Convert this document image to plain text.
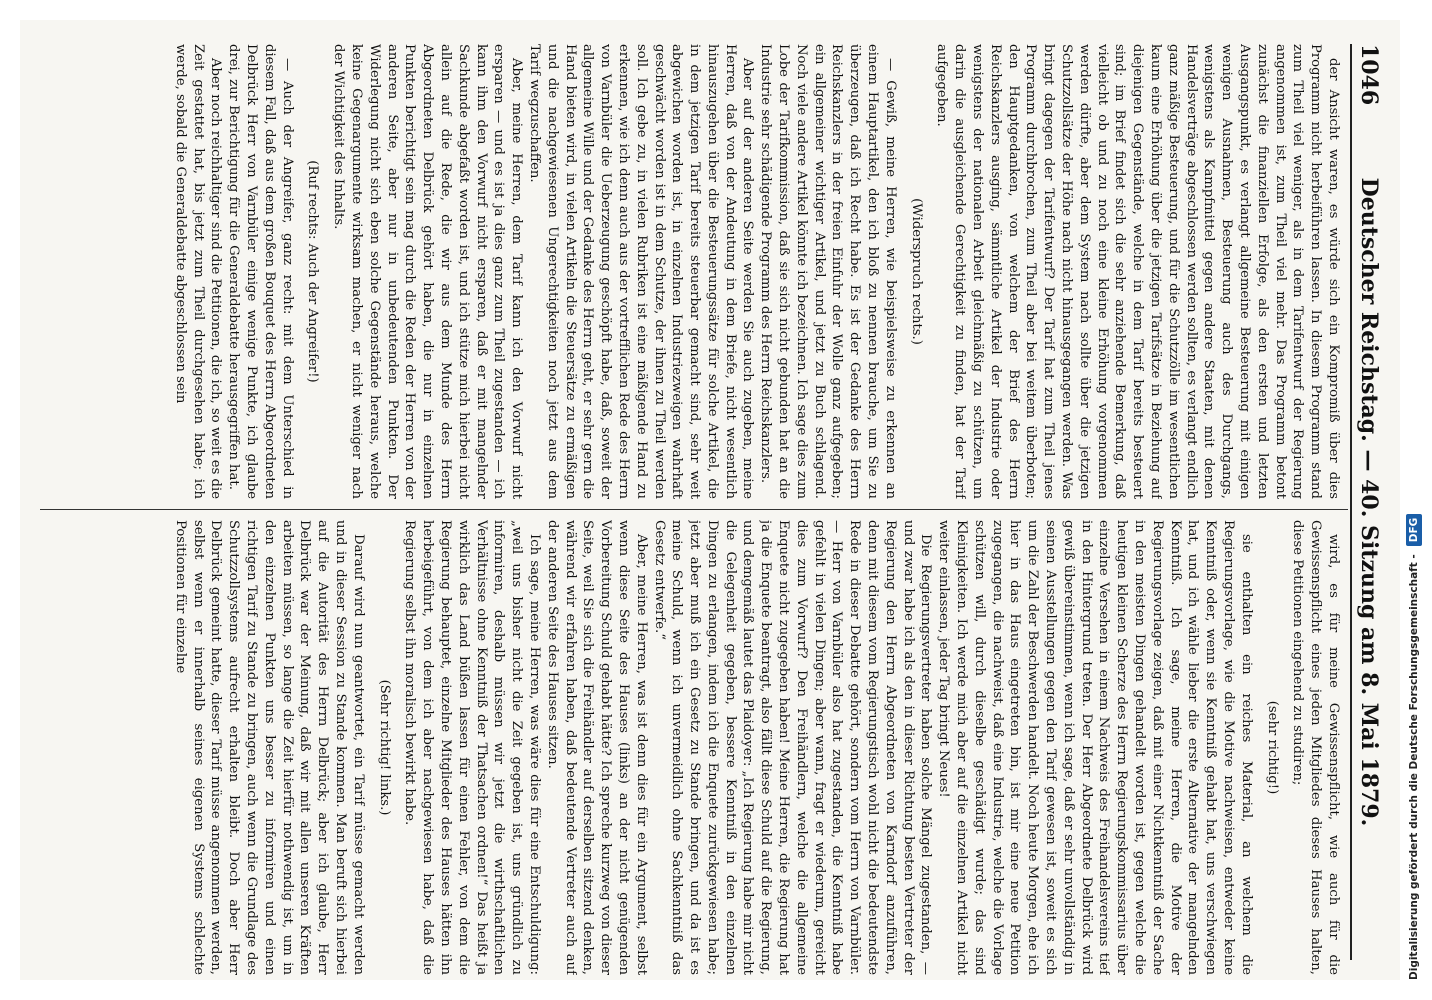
1046
Deutscher Reichstag. — 40. Sitzung am 8. Mai 1879.

der Ansicht waren, es würde sich ein Kompromiß über dies Programm nicht herbeiführen lassen. In diesem Programm stand zum Theil viel weniger, als in dem Tarifentwurf der Regierung angenommen ist, zum Theil viel mehr. Das Programm betont zunächst die finanziellen Erfolge, als den ersten und letzten Ausgangspunkt, es verlangt allgemeine Besteuerung mit einigen wenigen Ausnahmen, Besteuerung auch des Durchgangs, wenigstens als Kampfmittel gegen andere Staaten, mit denen Handelsverträge abgeschlossen werden sollten, es verlangt endlich ganz mäßige Besteuerung, und für die Schutzzölle im wesentlichen kaum eine Erhöhung über die jetzigen Tarifsätze in Beziehung auf diejenigen Gegenstände, welche in dem Tarif bereits besteuert sind; im Brief findet sich die sehr anziehende Bemerkung, daß vielleicht ob und zu noch eine kleine Erhöhung vorgenommen werden dürfte, aber dem System nach sollte über die jetzigen Schutzzollsätze der Höhe nach nicht hinausgegangen werden. Was bringt dagegen der Tarifentwurf? Der Tarif hat zum Theil jenes Programm durchbrochen, zum Theil aber bei weitem überboten; den Hauptgedanken, von welchem der Brief des Herrn Reichskanzlers ausging, sämmtliche Artikel der Industrie oder wenigstens der nationalen Arbeit gleichmäßig zu schützen, um darin die ausgleichende Gerechtigkeit zu finden, hat der Tarif aufgegeben.

(Widerspruch rechts.)

— Gewiß, meine Herren, wie beispielsweise zu erkennen an einem Hauptartikel, den ich bloß zu nennen brauche, um Sie zu überzeugen, daß ich Recht habe. Es ist der Gedanke des Herrn Reichskanzlers in der freien Einfuhr der Wolle ganz aufgegeben; ein allgemeiner wichtiger Artikel, und jetzt zu Buch schlagend. Noch viele andere Artikel könnte ich bezeichnen. Ich sage dies zum Lobe der Tarifkommission, daß sie sich nicht gebunden hat an die Industrie sehr schädigende Programm des Herrn Reichskanzlers.

Aber auf der anderen Seite werden Sie auch zugeben, meine Herren, daß von der Andeutung in dem Briefe, nicht wesentlich hinauszugehen über die Besteuerungssätze für solche Artikel, die in dem jetzigen Tarif bereits steuerbar gemacht sind, sehr weit abgewichen worden ist, in einzelnen Industriezweigen wahrhaft geschwächt worden ist in dem Schutze, der ihnen zu Theil werden soll. Ich gebe zu, in vielen Rubriken ist eine mäßigende Hand zu erkennen, wie ich denn auch aus der vortrefflichen Rede des Herrn von Varnbüler die Ueberzeugung geschöpft habe, daß, soweit der allgemeine Wille und der Gedanke des Herrn geht, er sehr gern die Hand bieten wird, in vielen Artikeln die Steuersätze zu ermäßigen und die nachgewiesenen Ungerechtigkeiten noch jetzt aus dem Tarif wegzuschaffen.

Aber, meine Herren, dem Tarif kann ich den Vorwurf nicht ersparen — und es ist ja dies ganz zum Theil zugestanden — ich kann ihm den Vorwurf nicht ersparen, daß er mit mangelnder Sachkunde abgefaßt worden ist, und ich stütze mich hierbei nicht allein auf die Rede, die wir aus dem Munde des Herrn Abgeordneten Delbrück gehört haben, die nur in einzelnen Punkten berichtigt sein mag durch die Reden der Herren von der anderen Seite, aber nur in unbedeutenden Punkten. Der Widerlegung nicht sich eben solche Gegenstände heraus, welche keine Gegenargumente wirksam machen, er nicht weniger nach der Wichtigkeit des Inhalts.

(Ruf rechts: Auch der Angreifer!)

— Auch der Angreifer, ganz recht: mit dem Unterschied in diesem Fall, daß aus dem großen Bouquet des Herrn Abgeordneten Delbrück Herr von Varnbüler einige wenige Punkte, ich glaube drei, zur Berichtigung für die Generaldebatte herausgegriffen hat.

Aber noch reichhaltiger sind die Petitionen, die ich, so weit es die Zeit gestattet hat, bis jetzt zum Theil durchgesehen habe; ich werde, sobald die Generaldebatte abgeschlossen sein

wird, es für meine Gewissenspflicht, wie auch für die Gewissenspflicht eines jeden Mitgliedes dieses Hauses halten, diese Petitionen eingehend zu studiren;

(sehr richtig!)

sie enthalten ein reiches Material, an welchem die Regierungsvorlage, wie die Motive nachweisen, entweder keine Kenntniß oder, wenn sie Kenntniß gehabt hat, uns verschwiegen hat, und ich wähle lieber die erste Alternative der mangelnden Kenntniß. Ich sage, meine Herren, die Motive der Regierungsvorlage zeigen, daß mit einer Nichtkenntniß der Sache in den meisten Dingen gehandelt worden ist, gegen welche die heutigen kleinen Scherze des Herrn Regierungskommissarius über einzelne Versehen in einem Nachweis des Freihandelsvereins tief in den Hintergrund treten. Der Herr Abgeordnete Delbrück wird gewiß übereinstimmen, wenn ich sage, daß er sehr unvollständig in seinen Ausstellungen gegen den Tarif gewesen ist, soweit es sich um die Zahl der Beschwerden handelt. Noch heute Morgen, ehe ich hier in das Haus eingetreten bin, ist mir eine neue Petition zugegangen, die nachweist, daß eine Industrie, welche die Vorlage schützen will, durch dieselbe geschädigt wurde; das sind Kleinigkeiten. Ich werde mich aber auf die einzelnen Artikel nicht weiter einlassen, jeder Tag bringt Neues!

Die Regierungsvertreter haben solche Mängel zugestanden, — und zwar habe ich als den in dieser Richtung besten Vertreter der Regierung den Herrn Abgeordneten von Karndorf anzuführen, denn mit diesem vom Regierungstisch wohl nicht die bedeutendste Rede in dieser Debatte gehört, sondern vom Herrn von Varnbüler. — Herr von Varnbüler also hat zugestanden, die Kenntniß habe gefehlt in vielen Dingen; aber wann, fragt er wiederum, gereicht dies zum Vorwurf? Den Freihändlern, welche die allgemeine Enquete nicht zugegeben haben! Meine Herren, die Regierung hat ja die Enquete beantragt, also fällt diese Schuld auf die Regierung, und demgemäß lautet das Plaidoyer: „Ich Regierung habe mir nicht die Gelegenheit gegeben, bessere Kenntniß in den einzelnen Dingen zu erlangen, indem ich die Enquete zurückgewiesen habe; jetzt aber muß ich ein Gesetz zu Stande bringen, und da ist es meine Schuld, wenn ich unvermeidlich ohne Sachkenntniß das Gesetz entwerfe.“

Aber, meine Herren, was ist denn dies für ein Argument, selbst wenn diese Seite des Hauses (links) an der nicht genügenden Vorbereitung Schuld gehabt hätte? Ich spreche kurzweg von dieser Seite, weil Sie sich die Freihändler auf derselben sitzend denken, während wir erfahren haben, daß bedeutende Vertreter auch auf der anderen Seite des Hauses sitzen.

Ich sage, meine Herren, was wäre dies für eine Entschuldigung: „weil uns bisher nicht die Zeit gegeben ist, uns gründlich zu informiren, deshalb müssen wir jetzt die wirthschaftlichen Verhältnisse ohne Kenntniß der Thatsachen ordnen!“ Das heißt ja wirklich das Land büßen lassen für einen Fehler, von dem die Regierung behauptet, einzelne Mitglieder des Hauses hätten ihn herbeigeführt, von dem ich aber nachgewiesen habe, daß die Regierung selbst ihn moralisch bewirkt habe.

(Sehr richtig! links.)

Darauf wird nun geantwortet, ein Tarif müsse gemacht werden und in dieser Session zu Stande kommen. Man beruft sich hierbei auf die Autorität des Herrn Delbrück; aber ich glaube, Herr Delbrück war der Meinung, daß wir mit allen unseren Kräften arbeiten müssen, so lange die Zeit hierfür nothwendig ist, um in den einzelnen Punkten uns besser zu informiren und einen richtigen Tarif zu Stande zu bringen, auch wenn die Grundlage des Schutzzollsystems aufrecht erhalten bleibt. Doch aber Herr Delbrück gemeint hatte, dieser Tarif müsse angenommen werden, selbst wenn er innerhalb seines eigenen Systems schlechte Positionen für einzelne	Digitalisierung gefördert durch die Deutsche Forschungsgemeinschaft -DFG
